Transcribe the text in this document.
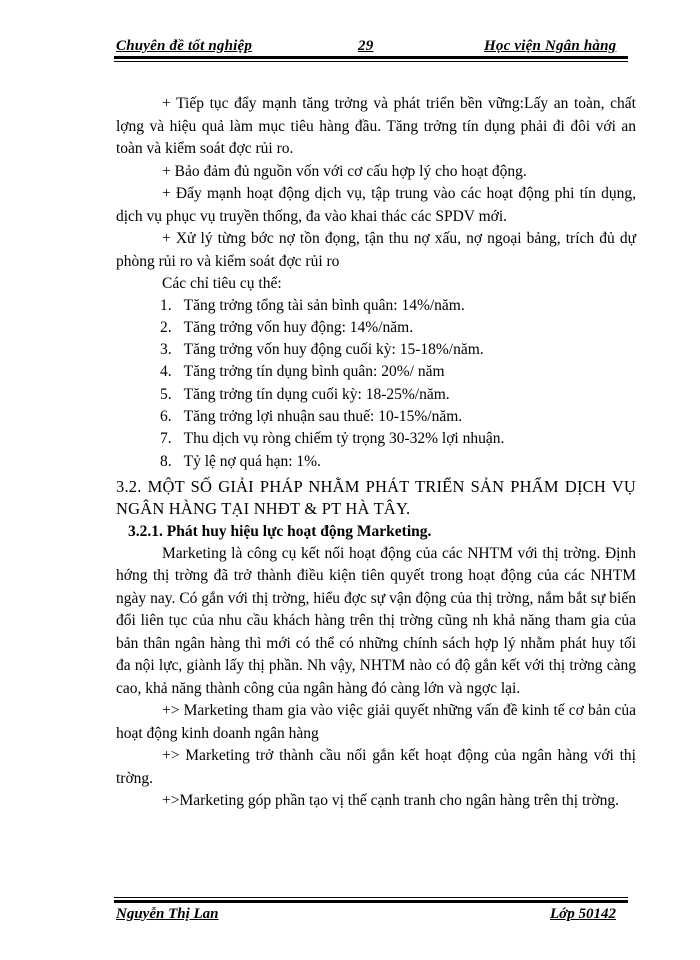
Chuyên đề tốt nghiệp	29	Học viện Ngân hàng

+ Tiếp tục đẩy mạnh tăng trởng và phát triển bền vững:Lấy an toàn, chất lợng và hiệu quả làm mục tiêu hàng đầu. Tăng trởng tín dụng phải đi đôi với an toàn và kiểm soát đợc rủi ro.

+ Bảo đảm đủ nguồn vốn với cơ cấu hợp lý cho hoạt động.

+ Đẩy mạnh hoạt động dịch vụ, tập trung vào các hoạt động phi tín dụng, dịch vụ phục vụ truyền thống, đa vào khai thác các SPDV mới.

+ Xử lý từng bớc nợ tồn đọng, tận thu nợ xấu, nợ ngoại bảng, trích đủ dự phòng rủi ro và kiểm soát đợc rủi ro

Các chỉ tiêu cụ thể:

1. Tăng trởng tổng tài sản bình quân: 14%/năm.
2. Tăng trởng vốn huy động: 14%/năm.
3. Tăng trởng vốn huy động cuối kỳ: 15-18%/năm.
4. Tăng trởng tín dụng bình quân: 20%/ năm
5. Tăng trởng tín dụng cuối kỳ: 18-25%/năm.
6. Tăng trởng lợi nhuận sau thuế: 10-15%/năm.
7. Thu dịch vụ ròng chiếm tỷ trọng 30-32% lợi nhuận.
8. Tỷ lệ nợ quá hạn: 1%.

3.2. MỘT SỐ GIẢI PHÁP NHẰM PHÁT TRIỂN SẢN PHẨM DỊCH VỤ NGÂN HÀNG TẠI NHĐT & PT HÀ TÂY.

3.2.1. Phát huy hiệu lực hoạt động Marketing.

Marketing là công cụ kết nối hoạt động của các NHTM với thị trờng. Định hớng thị trờng đã trở thành điều kiện tiên quyết trong hoạt động của các NHTM ngày nay. Có gắn với thị trờng, hiểu đợc sự vận động của thị trờng, nắm bắt sự biến đổi liên tục của nhu cầu khách hàng trên thị trờng cũng nh khả năng tham gia của bản thân ngân hàng thì mới có thể có những chính sách hợp lý nhằm phát huy tối đa nội lực, giành lấy thị phần. Nh vậy, NHTM nào có độ gắn kết với thị trờng càng cao, khả năng thành công của ngân hàng đó càng lớn và ngợc lại.

+> Marketing tham gia vào việc giải quyết những vấn đề kinh tế cơ bản của hoạt động kinh doanh ngân hàng

+> Marketing trở thành cầu nối gắn kết hoạt động của ngân hàng với thị trờng.

+>Marketing góp phần tạo vị thế cạnh tranh cho ngân hàng trên thị trờng.

Nguyễn Thị Lan	Lớp 50142
